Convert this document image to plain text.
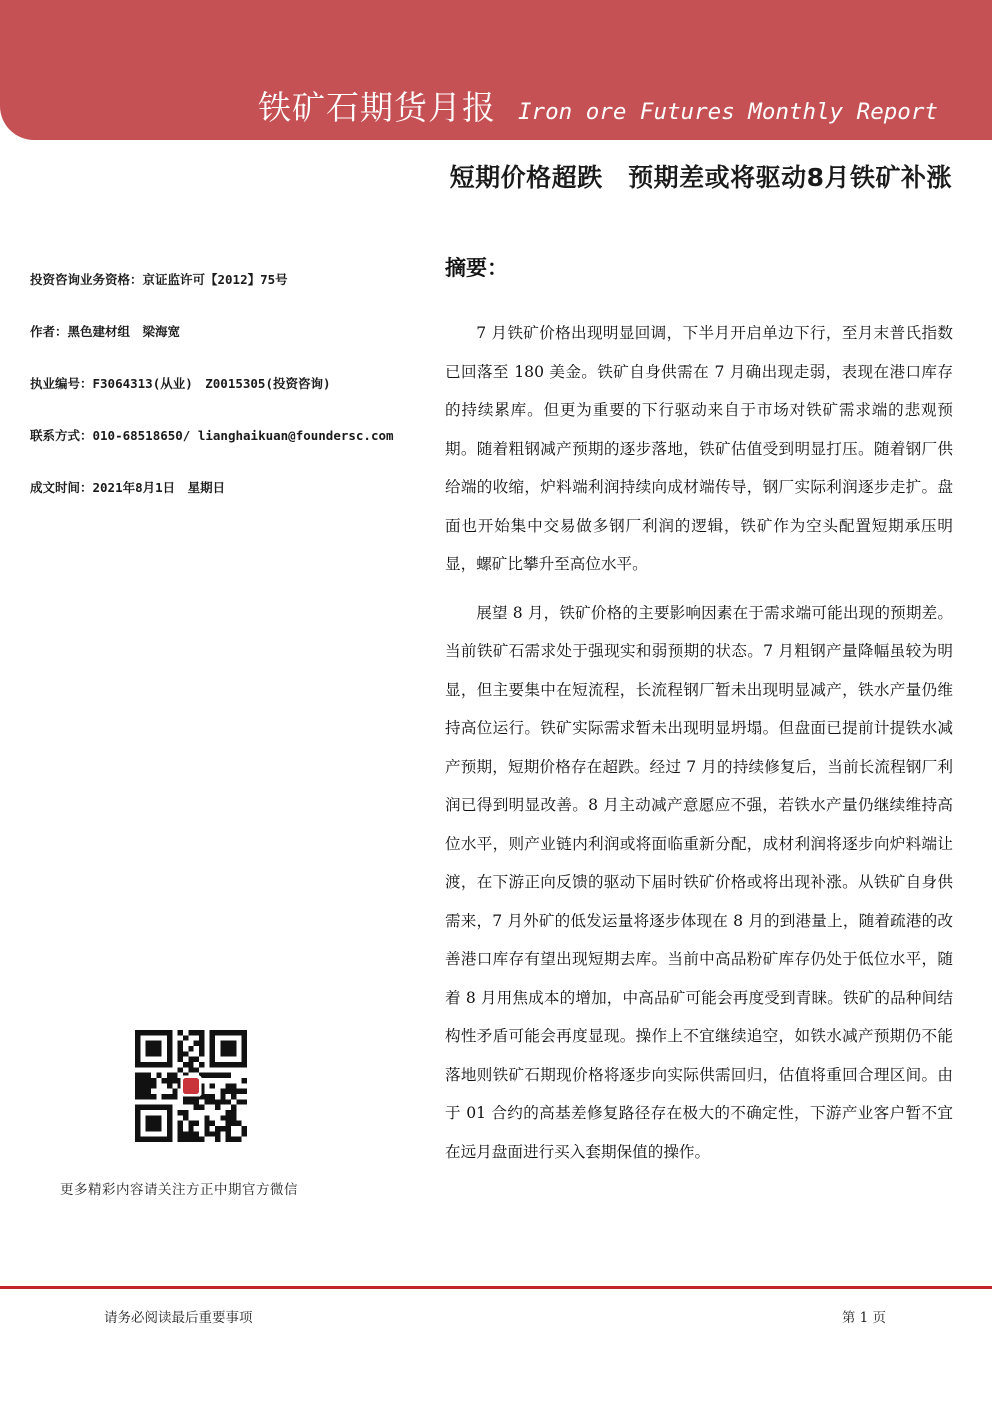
铁矿石期货月报 Iron ore Futures Monthly Report
短期价格超跌　预期差或将驱动8月铁矿补涨
投资咨询业务资格：京证监许可【2012】75号
作者：黑色建材组　梁海宽
执业编号：F3064313(从业)　Z0015305(投资咨询)
联系方式：010-68518650/ lianghaikuan@foundersc.com
成文时间：2021年8月1日　星期日
更多精彩内容请关注方正中期官方微信
摘要：

7 月铁矿价格出现明显回调，下半月开启单边下行，至月末普氏指数已回落至 180 美金。铁矿自身供需在 7 月确出现走弱，表现在港口库存的持续累库。但更为重要的下行驱动来自于市场对铁矿需求端的悲观预期。随着粗钢减产预期的逐步落地，铁矿估值受到明显打压。随着钢厂供给端的收缩，炉料端利润持续向成材端传导，钢厂实际利润逐步走扩。盘面也开始集中交易做多钢厂利润的逻辑，铁矿作为空头配置短期承压明显，螺矿比攀升至高位水平。

展望 8 月，铁矿价格的主要影响因素在于需求端可能出现的预期差。当前铁矿石需求处于强现实和弱预期的状态。7 月粗钢产量降幅虽较为明显，但主要集中在短流程，长流程钢厂暂未出现明显减产，铁水产量仍维持高位运行。铁矿实际需求暂未出现明显坍塌。但盘面已提前计提铁水减产预期，短期价格存在超跌。经过 7 月的持续修复后，当前长流程钢厂利润已得到明显改善。8 月主动减产意愿应不强，若铁水产量仍继续维持高位水平，则产业链内利润或将面临重新分配，成材利润将逐步向炉料端让渡，在下游正向反馈的驱动下届时铁矿价格或将出现补涨。从铁矿自身供需来，7 月外矿的低发运量将逐步体现在 8 月的到港量上，随着疏港的改善港口库存有望出现短期去库。当前中高品粉矿库存仍处于低位水平，随着 8 月用焦成本的增加，中高品矿可能会再度受到青睐。铁矿的品种间结构性矛盾可能会再度显现。操作上不宜继续追空，如铁水减产预期仍不能落地则铁矿石期现价格将逐步向实际供需回归，估值将重回合理区间。由于 01 合约的高基差修复路径存在极大的不确定性，下游产业客户暂不宜在远月盘面进行买入套期保值的操作。

请务必阅读最后重要事项	第 1 页
